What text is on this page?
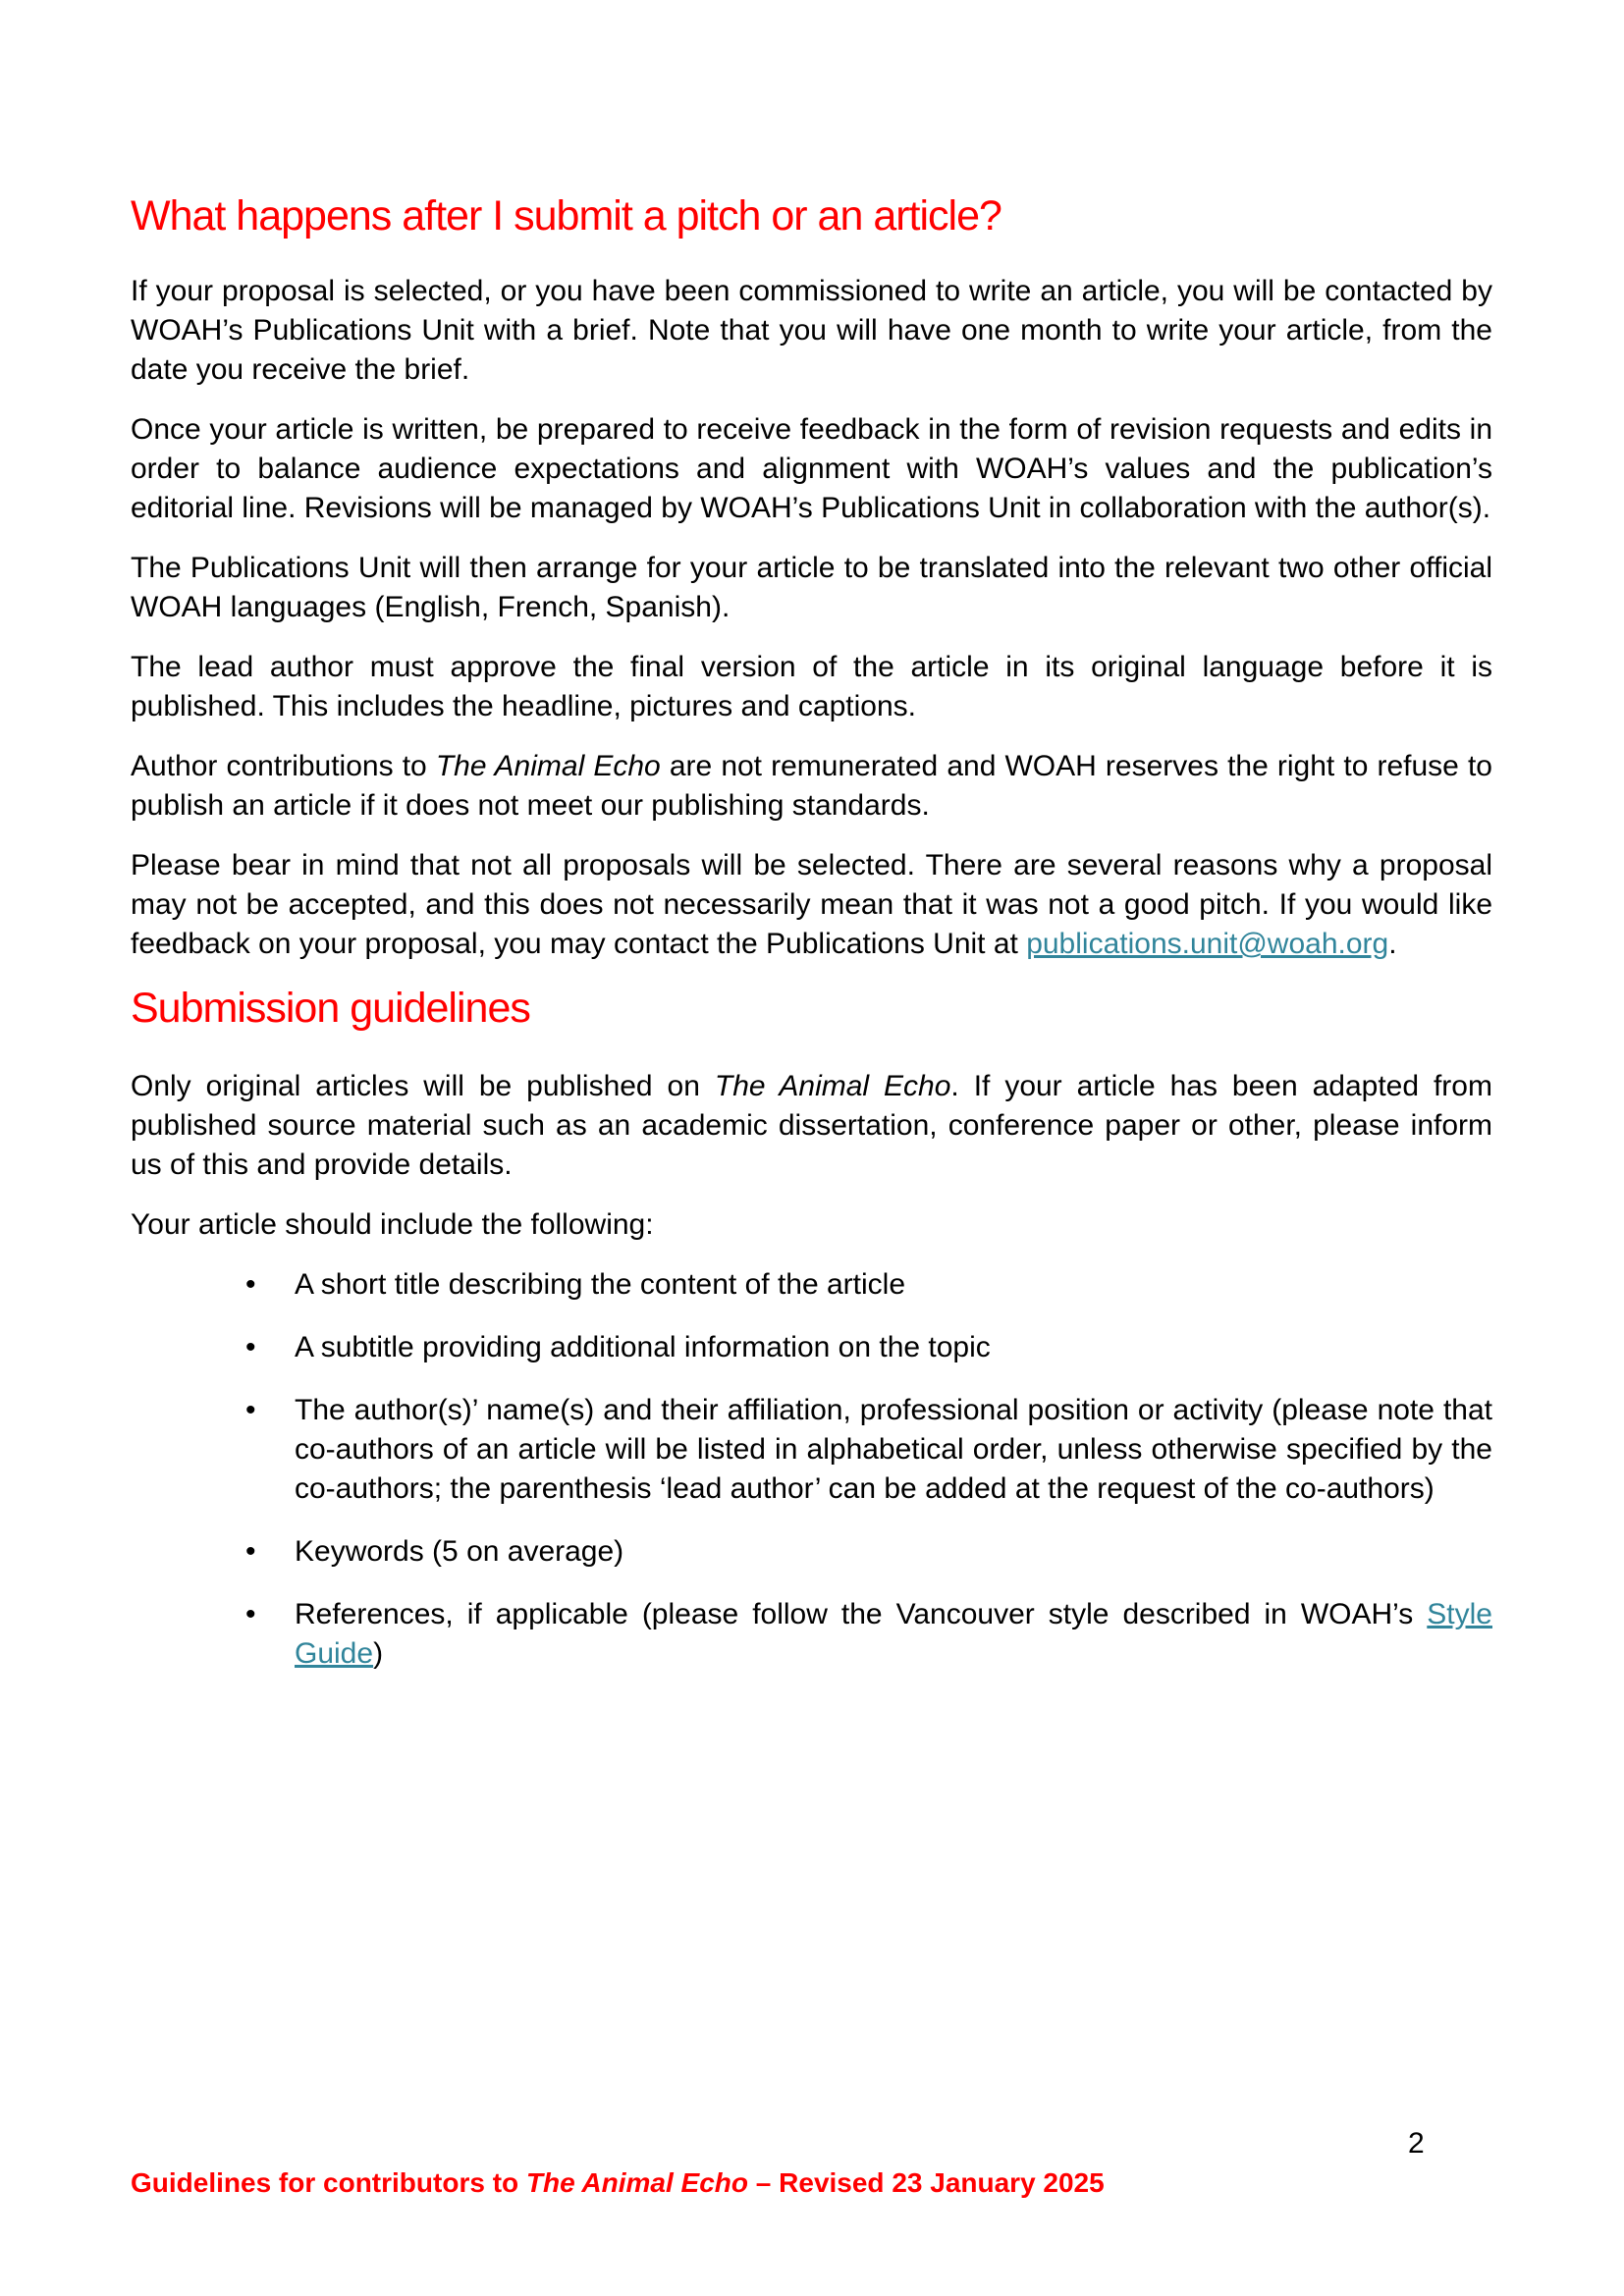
What happens after I submit a pitch or an article?

If your proposal is selected, or you have been commissioned to write an article, you will be contacted by WOAH’s Publications Unit with a brief. Note that you will have one month to write your article, from the date you receive the brief.

Once your article is written, be prepared to receive feedback in the form of revision requests and edits in order to balance audience expectations and alignment with WOAH’s values and the publication’s editorial line. Revisions will be managed by WOAH’s Publications Unit in collaboration with the author(s).

The Publications Unit will then arrange for your article to be translated into the relevant two other official WOAH languages (English, French, Spanish).

The lead author must approve the final version of the article in its original language before it is published. This includes the headline, pictures and captions.

Author contributions to The Animal Echo are not remunerated and WOAH reserves the right to refuse to publish an article if it does not meet our publishing standards.

Please bear in mind that not all proposals will be selected. There are several reasons why a proposal may not be accepted, and this does not necessarily mean that it was not a good pitch. If you would like feedback on your proposal, you may contact the Publications Unit at publications.unit@woah.org.

Submission guidelines

Only original articles will be published on The Animal Echo. If your article has been adapted from published source material such as an academic dissertation, conference paper or other, please inform us of this and provide details.

Your article should include the following:

• A short title describing the content of the article
• A subtitle providing additional information on the topic
• The author(s)’ name(s) and their affiliation, professional position or activity (please note that co-authors of an article will be listed in alphabetical order, unless otherwise specified by the co-authors; the parenthesis ‘lead author’ can be added at the request of the co-authors)
• Keywords (5 on average)
• References, if applicable (please follow the Vancouver style described in WOAH’s Style Guide)
2
Guidelines for contributors to The Animal Echo – Revised 23 January 2025
